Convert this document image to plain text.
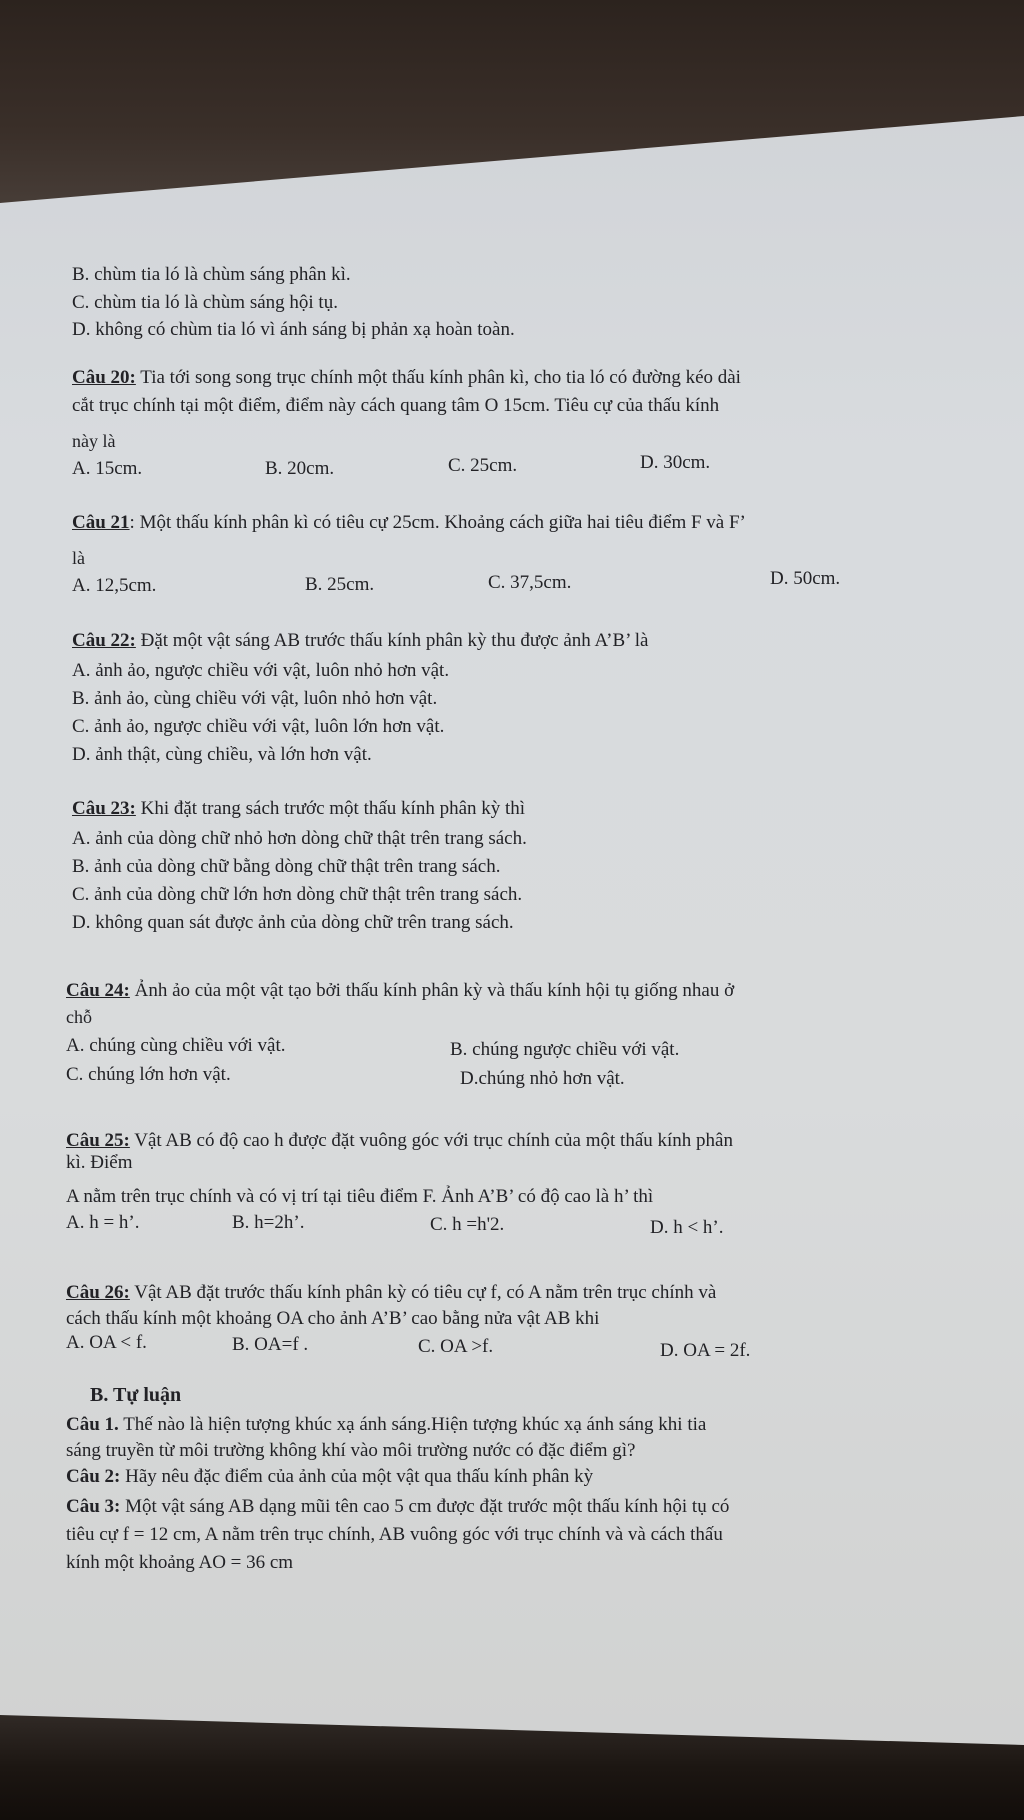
B. chùm tia ló là chùm sáng phân kì.
C. chùm tia ló là chùm sáng hội tụ.
D. không có chùm tia ló vì ánh sáng bị phản xạ hoàn toàn.
Câu 20: Tia tới song song trục chính một thấu kính phân kì, cho tia ló có đường kéo dài
cắt trục chính tại một điểm, điểm này cách quang tâm O 15cm. Tiêu cự của thấu kính
này là
A. 15cm.	B. 20cm.	C. 25cm.	D. 30cm.
Câu 21: Một thấu kính phân kì có tiêu cự 25cm. Khoảng cách giữa hai tiêu điểm F và F’
là
A. 12,5cm.	B. 25cm.	C. 37,5cm.	D. 50cm.
Câu 22: Đặt một vật sáng AB trước thấu kính phân kỳ thu được ảnh A’B’ là
A. ảnh ảo, ngược chiều với vật, luôn nhỏ hơn vật.
B. ảnh ảo, cùng chiều với vật, luôn nhỏ hơn vật.
C. ảnh ảo, ngược chiều với vật, luôn lớn hơn vật.
D. ảnh thật, cùng chiều, và lớn hơn vật.
Câu 23: Khi đặt trang sách trước một thấu kính phân kỳ thì
A. ảnh của dòng chữ nhỏ hơn dòng chữ thật trên trang sách.
B. ảnh của dòng chữ bằng dòng chữ thật trên trang sách.
C. ảnh của dòng chữ lớn hơn dòng chữ thật trên trang sách.
D. không quan sát được ảnh của dòng chữ trên trang sách.
Câu 24: Ảnh ảo của một vật tạo bởi thấu kính phân kỳ và thấu kính hội tụ giống nhau ở
chỗ
A. chúng cùng chiều với vật.	B. chúng ngược chiều với vật.
C. chúng lớn hơn vật.	D.chúng nhỏ hơn vật.
Câu 25: Vật AB có độ cao h được đặt vuông góc với trục chính của một thấu kính phân
kì. Điểm
A nằm trên trục chính và có vị trí tại tiêu điểm F. Ảnh A’B’ có độ cao là h’ thì
A. h = h’.	B. h=2h’.	C. h =h'2.	D. h < h’.
Câu 26: Vật AB đặt trước thấu kính phân kỳ có tiêu cự f, có A nằm trên trục chính và
cách thấu kính một khoảng OA cho ảnh A’B’ cao bằng nửa vật AB khi
A. OA < f.	B. OA=f .	C. OA >f.	D. OA = 2f.
B. Tự luận
Câu 1. Thế nào là hiện tượng khúc xạ ánh sáng.Hiện tượng khúc xạ ánh sáng khi tia
sáng truyền từ môi trường không khí vào môi trường nước có đặc điểm gì?
Câu 2: Hãy nêu đặc điểm của ảnh của một vật qua thấu kính phân kỳ
Câu 3: Một vật sáng AB dạng mũi tên cao 5 cm được đặt trước một thấu kính hội tụ có
tiêu cự f = 12 cm, A nằm trên trục chính, AB vuông góc với trục chính và và cách thấu
kính một khoảng AO = 36 cm
